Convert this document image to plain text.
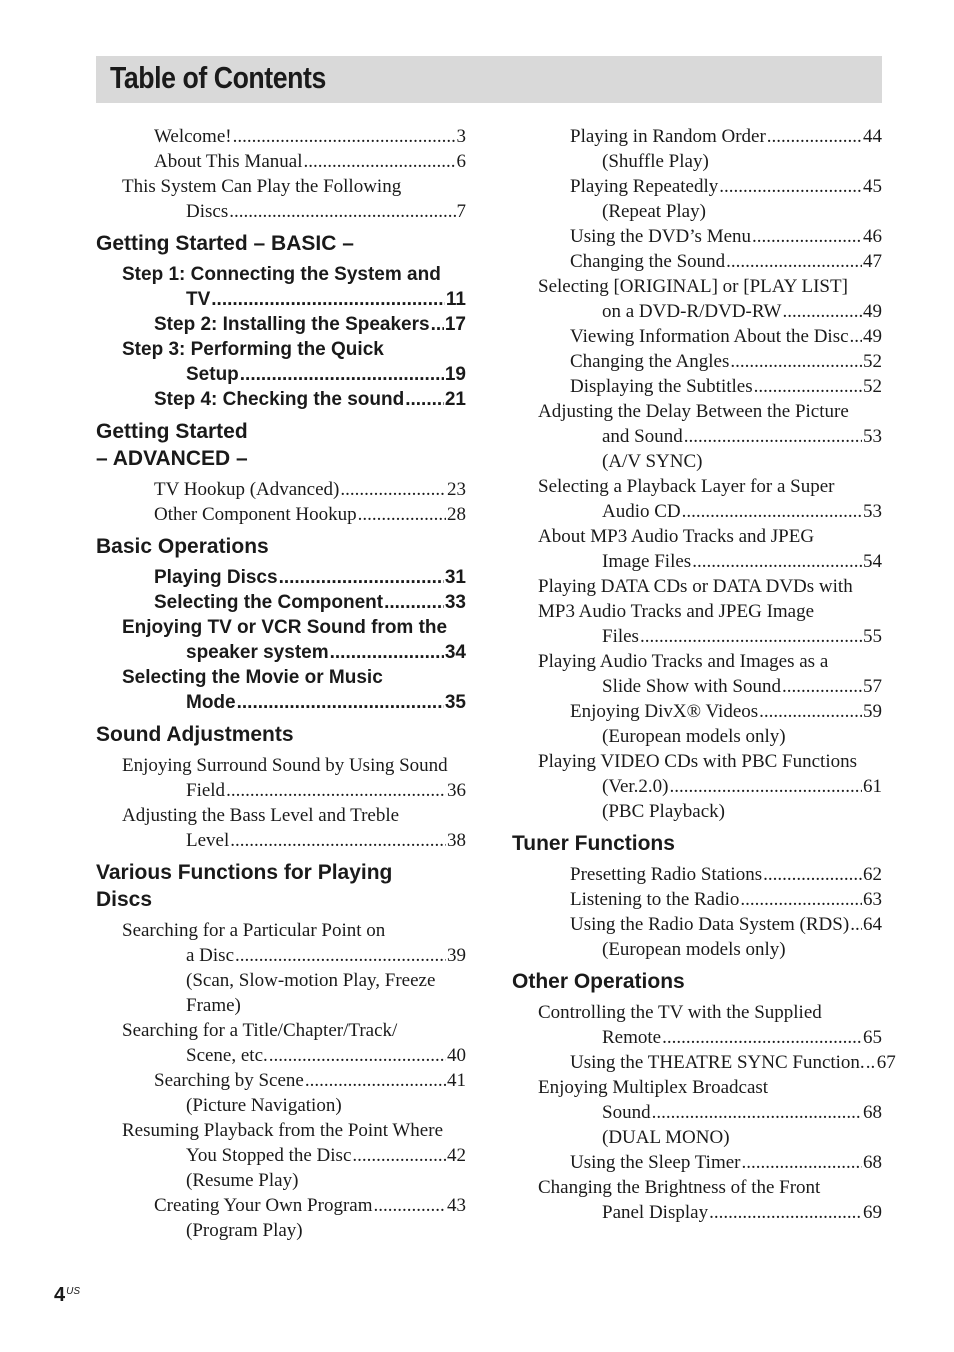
Table of Contents
Welcome! .....	3
About This Manual .....	6
This System Can Play the Following
Discs .....	7
Getting Started – BASIC –
Step 1: Connecting the System and
TV .....	11
Step 2: Installing the Speakers ..... 17
Step 3: Performing the Quick
Setup .....	19
Step 4: Checking the sound ..... 21
Getting Started
– ADVANCED –
TV Hookup (Advanced) .....	23
Other Component Hookup .....	28
Basic Operations
Playing Discs .....	31
Selecting the Component .....	33
Enjoying TV or VCR Sound from the
speaker system .....	34
Selecting the Movie or Music
Mode .....	35
Sound Adjustments
Enjoying Surround Sound by Using Sound
Field .....	36
Adjusting the Bass Level and Treble
Level .....	38
Various Functions for Playing
Discs
Searching for a Particular Point on
a Disc .....	39
(Scan, Slow-motion Play, Freeze
Frame)
Searching for a Title/Chapter/Track/
Scene, etc. .....	40
Searching by Scene .....	41
(Picture Navigation)
Resuming Playback from the Point Where
You Stopped the Disc .....	42
(Resume Play)
Creating Your Own Program .....	43
(Program Play)
Playing in Random Order .....	44
(Shuffle Play)
Playing Repeatedly .....	45
(Repeat Play)
Using the DVD’s Menu .....	46
Changing the Sound .....	47
Selecting [ORIGINAL] or [PLAY LIST]
on a DVD-R/DVD-RW .....	49
Viewing Information About the Disc ..... 49
Changing the Angles .....	52
Displaying the Subtitles .....	52
Adjusting the Delay Between the Picture
and Sound .....	53
(A/V SYNC)
Selecting a Playback Layer for a Super
Audio CD .....	53
About MP3 Audio Tracks and JPEG
Image Files .....	54
Playing DATA CDs or DATA DVDs with
MP3 Audio Tracks and JPEG Image
Files .....	55
Playing Audio Tracks and Images as a
Slide Show with Sound .....	57
Enjoying DivX® Videos .....	59
(European models only)
Playing VIDEO CDs with PBC Functions
(Ver.2.0) .....	61
(PBC Playback)
Tuner Functions
Presetting Radio Stations .....	62
Listening to the Radio .....	63
Using the Radio Data System (RDS) ..... 64
(European models only)
Other Operations
Controlling the TV with the Supplied
Remote .....	65
Using the THEATRE SYNC Function. ..... 67
Enjoying Multiplex Broadcast
Sound .....	68
(DUAL MONO)
Using the Sleep Timer .....	68
Changing the Brightness of the Front
Panel Display .....	69
$4^{US}$
